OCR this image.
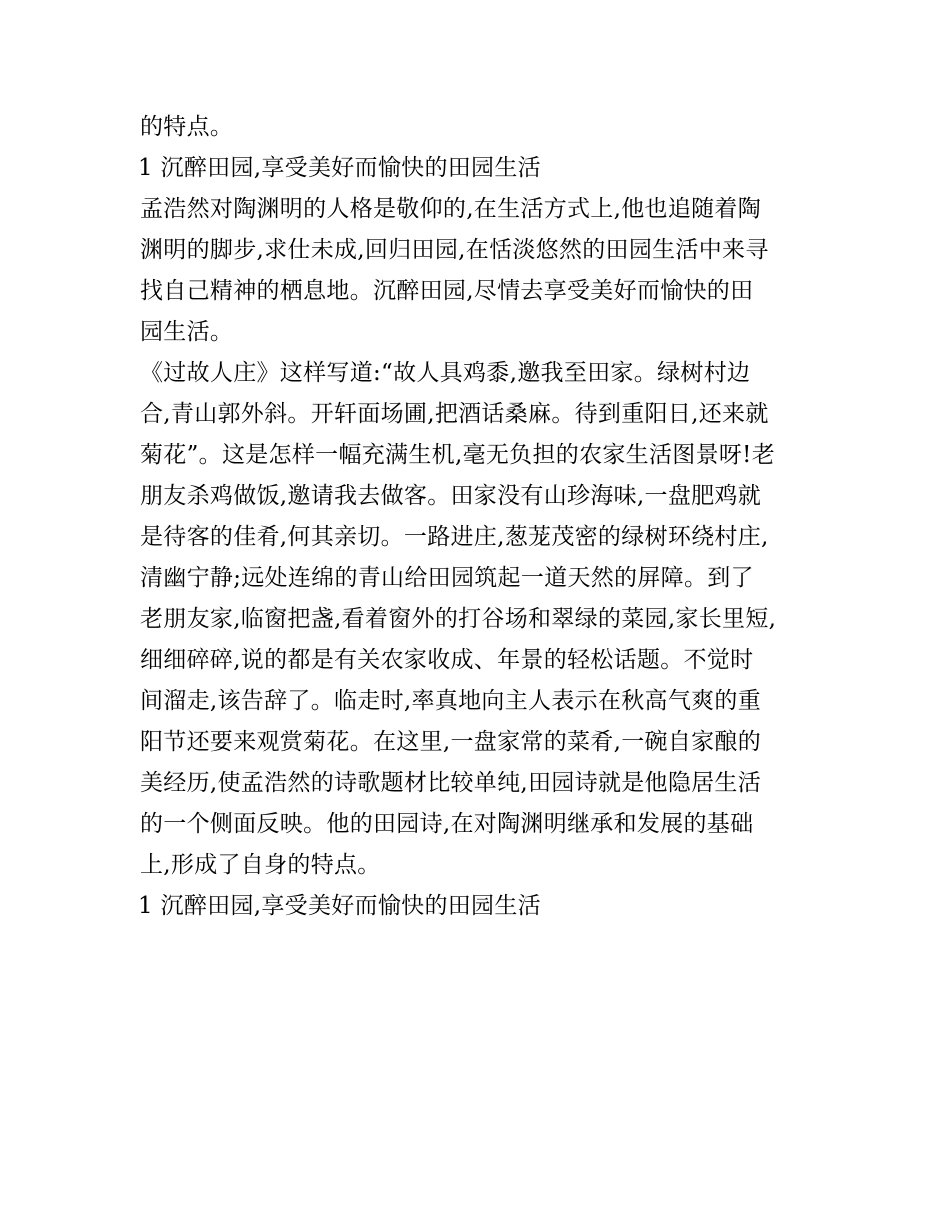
的特点。
1 沉醉田园,享受美好而愉快的田园生活
孟浩然对陶渊明的人格是敬仰的,在生活方式上,他也追随着陶
渊明的脚步,求仕未成,回归田园,在恬淡悠然的田园生活中来寻
找自己精神的栖息地。沉醉田园,尽情去享受美好而愉快的田
园生活。
《过故人庄》这样写道:“故人具鸡黍,邀我至田家。绿树村边
合,青山郭外斜。开轩面场圃,把酒话桑麻。待到重阳日,还来就
菊花”。这是怎样一幅充满生机,毫无负担的农家生活图景呀!老
朋友杀鸡做饭,邀请我去做客。田家没有山珍海味,一盘肥鸡就
是待客的佳肴,何其亲切。一路进庄,葱茏茂密的绿树环绕村庄,
清幽宁静;远处连绵的青山给田园筑起一道天然的屏障。到了
老朋友家,临窗把盏,看着窗外的打谷场和翠绿的菜园,家长里短,
细细碎碎,说的都是有关农家收成、年景的轻松话题。不觉时
间溜走,该告辞了。临走时,率真地向主人表示在秋高气爽的重
阳节还要来观赏菊花。在这里,一盘家常的菜肴,一碗自家酿的
美经历,使孟浩然的诗歌题材比较单纯,田园诗就是他隐居生活
的一个侧面反映。他的田园诗,在对陶渊明继承和发展的基础
上,形成了自身的特点。
1 沉醉田园,享受美好而愉快的田园生活
